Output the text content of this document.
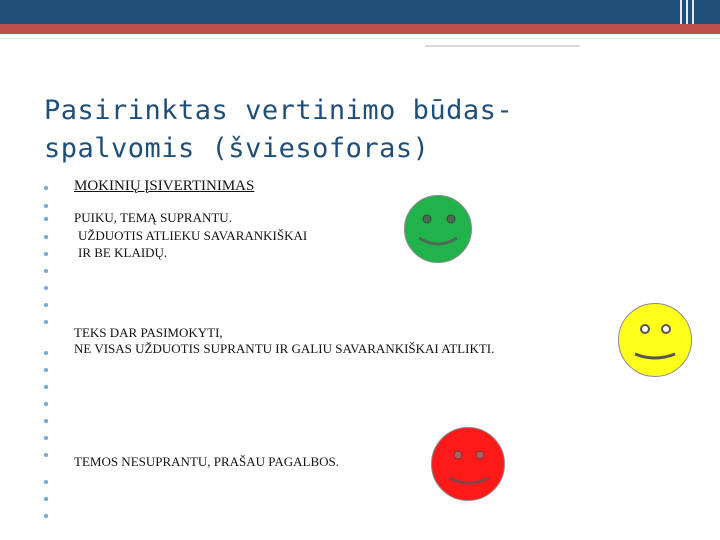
Pasirinktas vertinimo būdas-
spalvomis (šviesoforas)
MOKINIŲ ĮSIVERTINIMAS
PUIKU, TEMĄ SUPRANTU.
UŽDUOTIS ATLIEKU SAVARANKIŠKAI
IR BE KLAIDŲ.
TEKS DAR PASIMOKYTI,
NE VISAS UŽDUOTIS SUPRANTU IR GALIU SAVARANKIŠKAI ATLIKTI.
TEMOS NESUPRANTU, PRAŠAU PAGALBOS.
